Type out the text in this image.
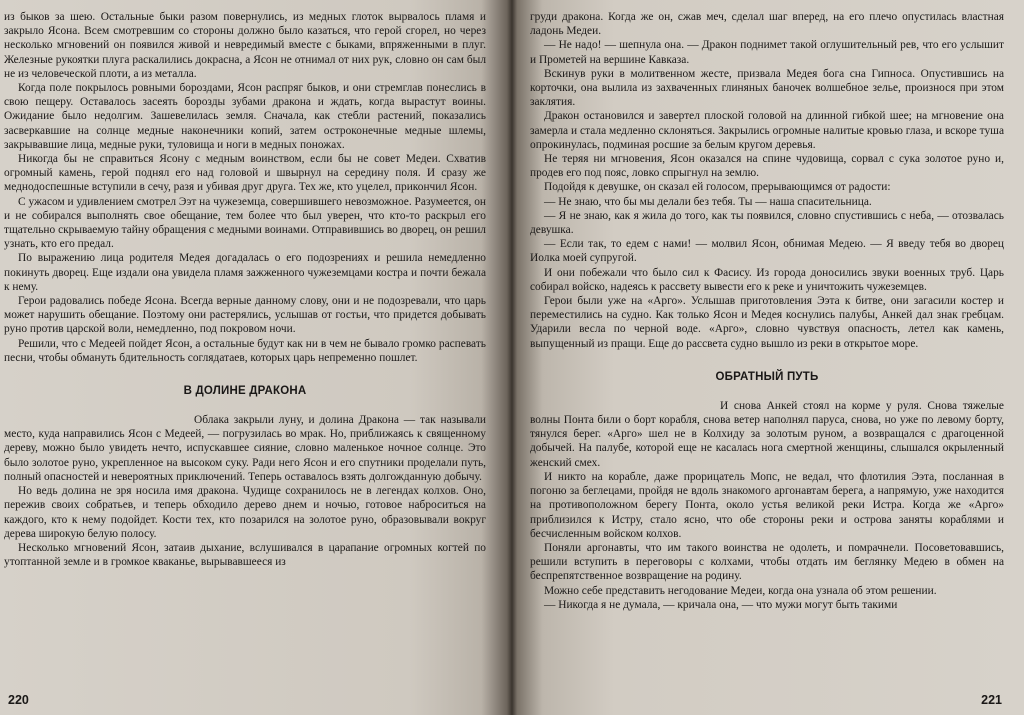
из быков за шею. Остальные быки разом повернулись, из медных глоток вырвалось пламя и закрыло Ясона. Всем смотревшим со стороны должно было казаться, что герой сгорел, но через несколько мгновений он появился живой и невредимый вместе с быками, впряженными в плуг. Железные рукоятки плуга раскалились докрасна, а Ясон не отнимал от них рук, словно он сам был не из человеческой плоти, а из металла.

Когда поле покрылось ровными бороздами, Ясон распряг быков, и они стремглав понеслись в свою пещеру. Оставалось засеять борозды зубами дракона и ждать, когда вырастут воины. Ожидание было недолгим. Зашевелилась земля. Сначала, как стебли растений, показались засверкавшие на солнце медные наконечники копий, затем остроконечные медные шлемы, закрывавшие лица, медные руки, туловища и ноги в медных поножах.

Никогда бы не справиться Ясону с медным воинством, если бы не совет Медеи. Схватив огромный камень, герой поднял его над головой и швырнул на середину поля. И сразу же меднодоспешные вступили в сечу, разя и убивая друг друга. Тех же, кто уцелел, прикончил Ясон.

С ужасом и удивлением смотрел Ээт на чужеземца, совершившего невозможное. Разумеется, он и не собирался выполнять свое обещание, тем более что был уверен, что кто-то раскрыл его тщательно скрываемую тайну обращения с медными воинами. Отправившись во дворец, он решил узнать, кто его предал.

По выражению лица родителя Медея догадалась о его подозрениях и решила немедленно покинуть дворец. Еще издали она увидела пламя зажженного чужеземцами костра и почти бежала к нему.

Герои радовались победе Ясона. Всегда верные данному слову, они и не подозревали, что царь может нарушить обещание. Поэтому они растерялись, услышав от гостьи, что придется добывать руно против царской воли, немедленно, под покровом ночи.

Решили, что с Медеей пойдет Ясон, а остальные будут как ни в чем не бывало громко распевать песни, чтобы обмануть бдительность соглядатаев, которых царь непременно пошлет.

В ДОЛИНЕ ДРАКОНА

Облака закрыли луну, и долина Дракона — так называли место, куда направились Ясон с Медеей, — погрузилась во мрак. Но, приближаясь к священному дереву, можно было увидеть нечто, испускавшее сияние, словно маленькое ночное солнце. Это было золотое руно, укрепленное на высоком суку. Ради него Ясон и его спутники проделали путь, полный опасностей и невероятных приключений. Теперь оставалось взять долгожданную добычу.

Но ведь долина не зря носила имя дракона. Чудище сохранилось не в легендах колхов. Оно, пережив своих собратьев, и теперь обходило дерево днем и ночью, готовое наброситься на каждого, кто к нему подойдет. Кости тех, кто позарился на золотое руно, образовывали вокруг дерева широкую белую полосу.

Несколько мгновений Ясон, затаив дыхание, вслушивался в царапание огромных когтей по утоптанной земле и в громкое кваканье, вырывавшееся из

220

груди дракона. Когда же он, сжав меч, сделал шаг вперед, на его плечо опустилась властная ладонь Медеи.

— Не надо! — шепнула она. — Дракон поднимет такой оглушительный рев, что его услышит и Прометей на вершине Кавказа.

Вскинув руки в молитвенном жесте, призвала Медея бога сна Гипноса. Опустившись на корточки, она вылила из захваченных глиняных баночек волшебное зелье, произнося при этом заклятия.

Дракон остановился и завертел плоской головой на длинной гибкой шее; на мгновение она замерла и стала медленно склоняться. Закрылись огромные налитые кровью глаза, и вскоре туша опрокинулась, подминая росшие за белым кругом деревья.

Не теряя ни мгновения, Ясон оказался на спине чудовища, сорвал с сука золотое руно и, продев его под пояс, ловко спрыгнул на землю.

Подойдя к девушке, он сказал ей голосом, прерывающимся от радости:

— Не знаю, что бы мы делали без тебя. Ты — наша спасительница.

— Я не знаю, как я жила до того, как ты появился, словно спустившись с неба, — отозвалась девушка.

— Если так, то едем с нами! — молвил Ясон, обнимая Медею. — Я введу тебя во дворец Иолка моей супругой.

И они побежали что было сил к Фасису. Из города доносились звуки военных труб. Царь собирал войско, надеясь к рассвету вывести его к реке и уничтожить чужеземцев.

Герои были уже на «Арго». Услышав приготовления Ээта к битве, они загасили костер и переместились на судно. Как только Ясон и Медея коснулись палубы, Анкей дал знак гребцам. Ударили весла по черной воде. «Арго», словно чувствуя опасность, летел как камень, выпущенный из пращи. Еще до рассвета судно вышло из реки в открытое море.

ОБРАТНЫЙ ПУТЬ

И снова Анкей стоял на корме у руля. Снова тяжелые волны Понта били о борт корабля, снова ветер наполнял паруса, снова, но уже по левому борту, тянулся берег. «Арго» шел не в Колхиду за золотым руном, а возвращался с драгоценной добычей. На палубе, которой еще не касалась нога смертной женщины, слышался окрыленный женский смех.

И никто на корабле, даже прорицатель Мопс, не ведал, что флотилия Ээта, посланная в погоню за беглецами, пройдя не вдоль знакомого аргонавтам берега, а напрямую, уже находится на противоположном берегу Понта, около устья великой реки Истра. Когда же «Арго» приблизился к Истру, стало ясно, что обе стороны реки и острова заняты кораблями и бесчисленным войском колхов.

Поняли аргонавты, что им такого воинства не одолеть, и помрачнели. Посоветовавшись, решили вступить в переговоры с колхами, чтобы отдать им беглянку Медею в обмен на беспрепятственное возвращение на родину.

Можно себе представить негодование Медеи, когда она узнала об этом решении.

— Никогда я не думала, — кричала она, — что мужи могут быть такими

221
